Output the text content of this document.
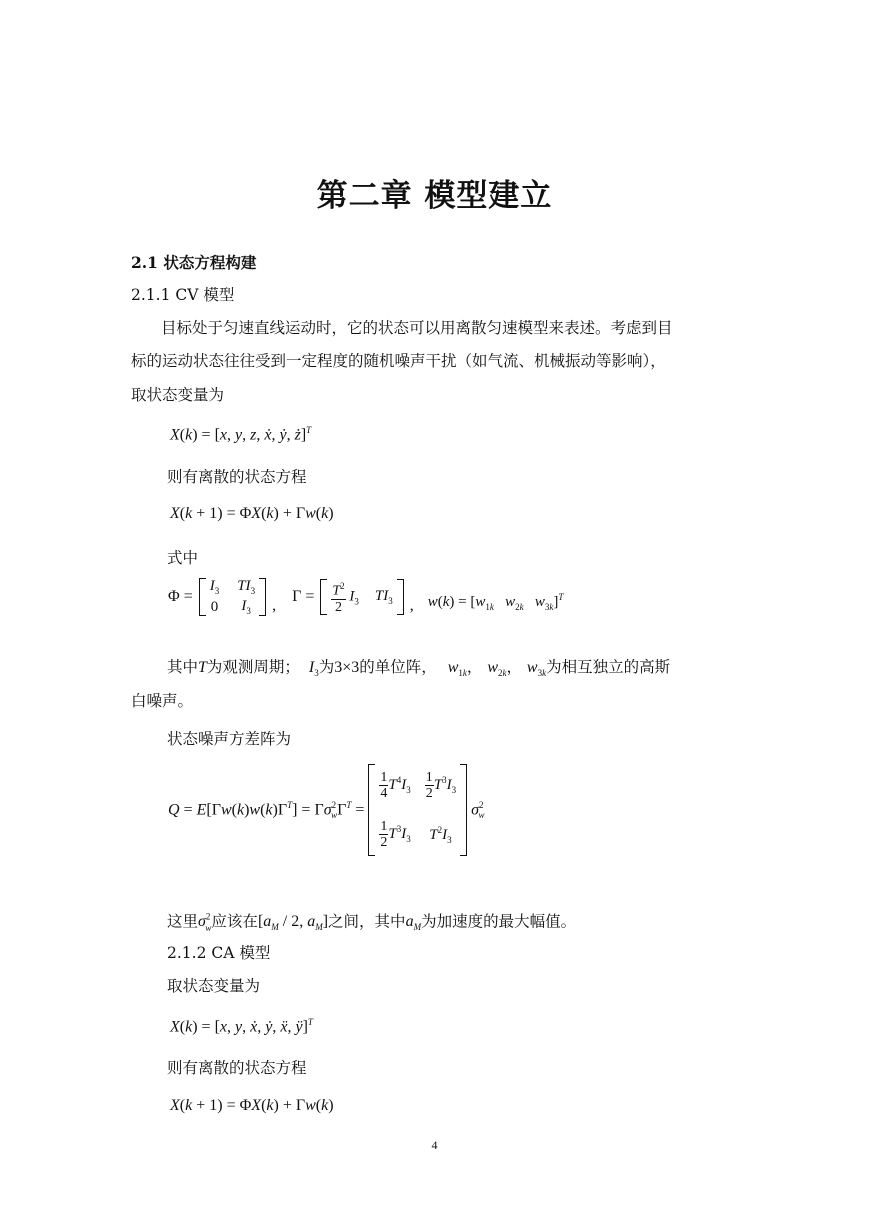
第二章 模型建立
2.1 状态方程构建
2.1.1 CV 模型
目标处于匀速直线运动时，它的状态可以用离散匀速模型来表述。考虑到目
标的运动状态往往受到一定程度的随机噪声干扰（如气流、机械振动等影响），
取状态变量为
X(k) = [x, y, z, ẋ, ẏ, ż]$^T$
则有离散的状态方程
X(k + 1) = ΦX(k) + Γw(k)
式中
Φ =
$I_3$ $TI_3$
0 $I_3$ ,
$\Gamma = \frac{T^2}{2} I_3$ $TI_3$ , $w(k) = [w_{1k}$ $w_{2k}$ $w_{3k}]^T$
其中T为观测周期； $I_3$为3×3的单位阵， $w_{1k}$， $w_{2k}$， $w_{3k}$为相互独立的高斯
白噪声。
状态噪声方差阵为
$Q = E[\Gamma w(k)w(k)\Gamma^T] = \Gamma\sigma^2_w\Gamma^T$ =
$\frac{1}{4} T^4I_3 \frac{1}{2} T^3I_3$
$\frac{1}{2} T^3I_3$ $T^2I_3$
$\sigma^2_w$
这里$\sigma^2_w$应该在[$a_M / 2$, $a_M$]之间，其中$a_M$为加速度的最大幅值。
2.1.2 CA 模型
取状态变量为
X(k) = [x, y, ẋ, ẏ, ẍ, ÿ]$^T$
则有离散的状态方程
X(k + 1) = ΦX(k) + Γw(k)
4
